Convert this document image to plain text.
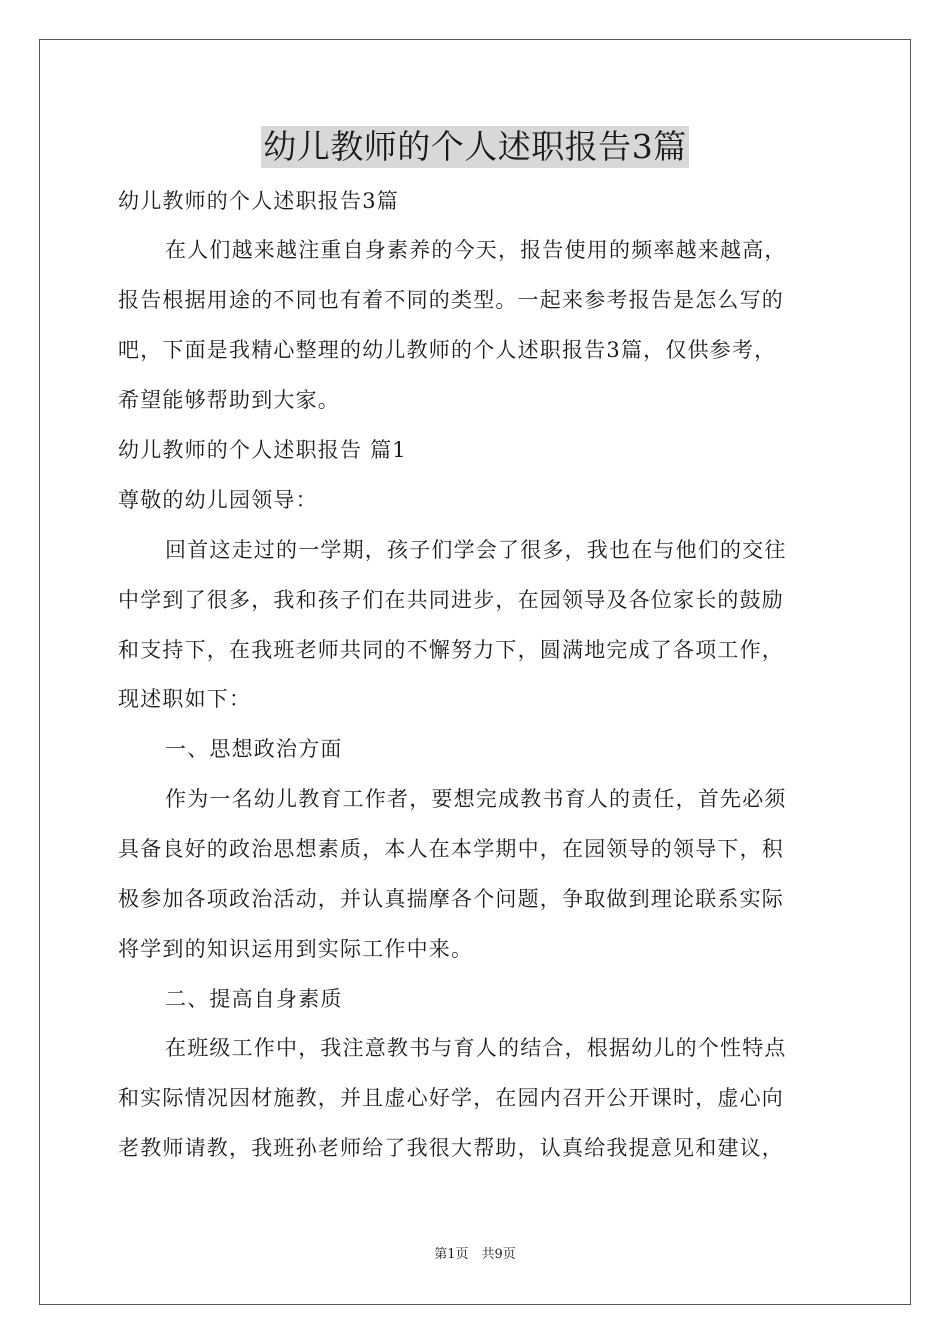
幼儿教师的个人述职报告3篇
幼儿教师的个人述职报告3篇
在人们越来越注重自身素养的今天，报告使用的频率越来越高，
报告根据用途的不同也有着不同的类型。一起来参考报告是怎么写的
吧，下面是我精心整理的幼儿教师的个人述职报告3篇，仅供参考，
希望能够帮助到大家。
幼儿教师的个人述职报告 篇1
尊敬的幼儿园领导：
回首这走过的一学期，孩子们学会了很多，我也在与他们的交往
中学到了很多，我和孩子们在共同进步，在园领导及各位家长的鼓励
和支持下，在我班老师共同的不懈努力下，圆满地完成了各项工作，
现述职如下：
一、思想政治方面
作为一名幼儿教育工作者，要想完成教书育人的责任，首先必须
具备良好的政治思想素质，本人在本学期中，在园领导的领导下，积
极参加各项政治活动，并认真揣摩各个问题，争取做到理论联系实际
将学到的知识运用到实际工作中来。
二、提高自身素质
在班级工作中，我注意教书与育人的结合，根据幼儿的个性特点
和实际情况因材施教，并且虚心好学，在园内召开公开课时，虚心向
老教师请教，我班孙老师给了我很大帮助，认真给我提意见和建议，
第1页　共9页
